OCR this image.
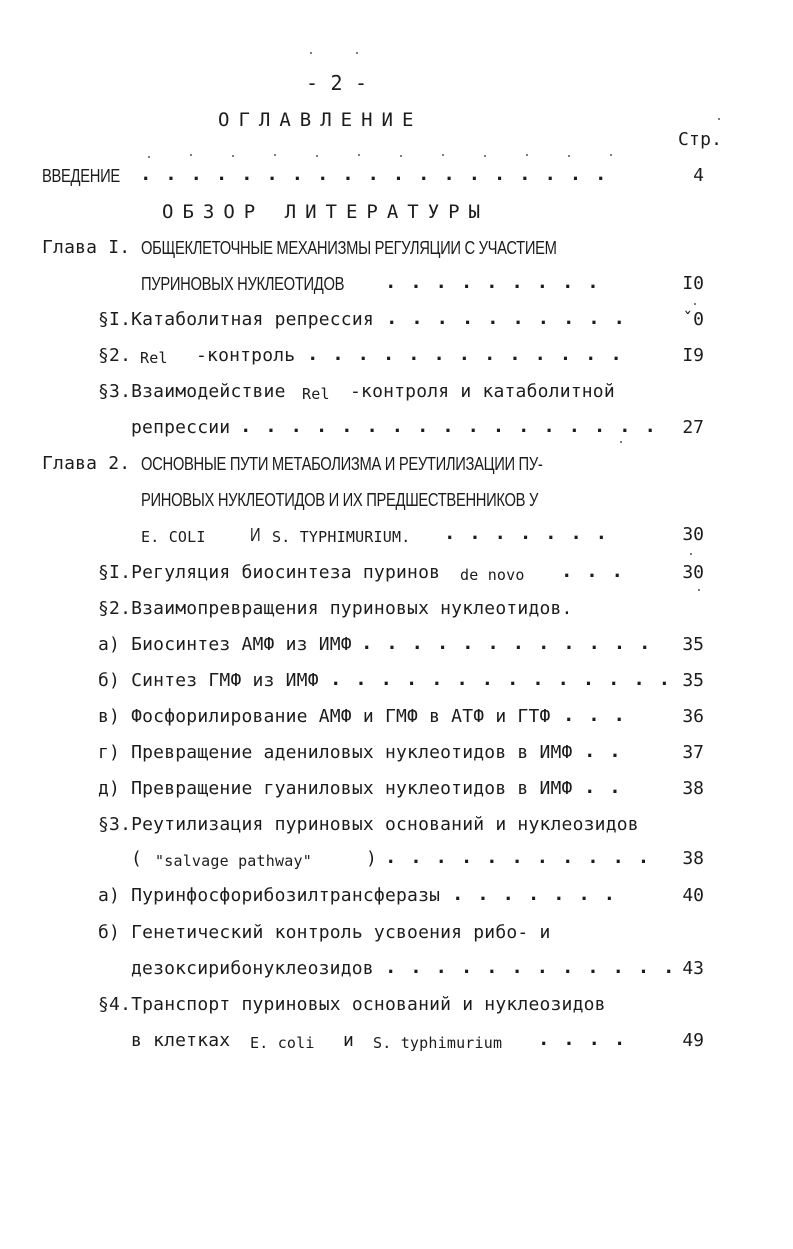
- 2 -
ОГЛАВЛЕНИЕ
Стр.
ВВЕДЕНИЕ . . . . . . . . . . . . . . . . . . .	4
ОБЗОР ЛИТЕРАТУРЫ
Глава I. ОБЩЕКЛЕТОЧНЫЕ МЕХАНИЗМЫ РЕГУЛЯЦИИ С УЧАСТИЕМ
ПУРИНОВЫХ НУКЛЕОТИДОВ . . . . . . . . .	I0
§I.Катаболитная репрессия . . . . . . . . . .	ˇ0
§2. Rel -контроль . . . . . . . . . . . . .	I9
§3.Взаимодействие Rel -контроля и катаболитной
репрессии . . . . . . . . . . . . . . . . .	27
Глава 2. ОСНОВНЫЕ ПУТИ МЕТАБОЛИЗМА И РЕУТИЛИЗАЦИИ ПУ-
РИНОВЫХ НУКЛЕОТИДОВ И ИХ ПРЕДШЕСТВЕННИКОВ У
E. COLI И S. TYPHIMURIUM. . . . . . . .	30
§I.Регуляция биосинтеза пуринов de novo . . .	30
§2.Взаимопревращения пуриновых нуклеотидов.
а) Биосинтез АМФ из ИМФ . . . . . . . . . . . .	35
б) Синтез ГМФ из ИМФ . . . . . . . . . . . . . . 35
в) Фосфорилирование АМФ и ГМФ в АТФ и ГТФ . . .	36
г) Превращение адениловых нуклеотидов в ИМФ . .	37
д) Превращение гуаниловых нуклеотидов в ИМФ . .	38
§3.Реутилизация пуриновых оснований и нуклеозидов
( "salvage pathway"	) . . . . . . . . . . .	38
а) Пуринфосфорибозилтрансферазы . . . . . . .	40
б) Генетический контроль усвоения рибо- и
дезоксирибонуклеозидов . . . . . . . . . . . . 43
§4.Транспорт пуриновых оснований и нуклеозидов
в клетках E. coli и S. typhimurium . . . .	49
